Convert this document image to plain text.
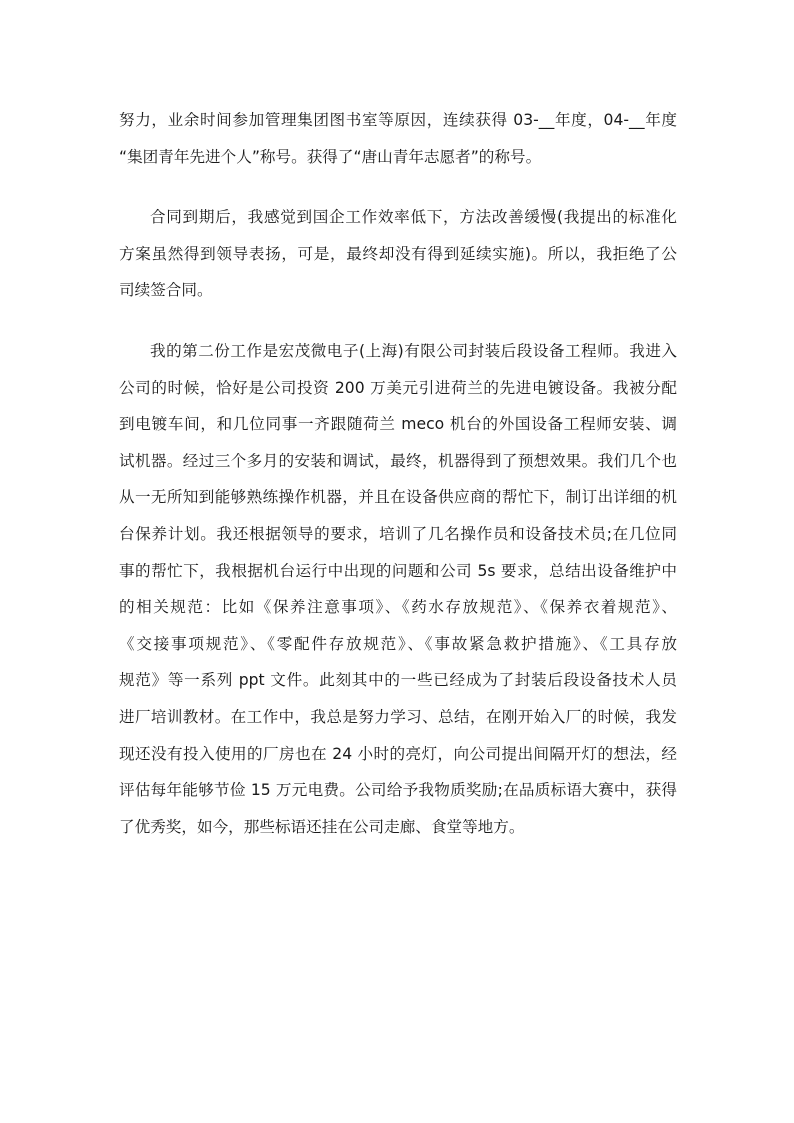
努力，业余时间参加管理集团图书室等原因，连续获得 03-__年度，04-__年度
“集团青年先进个人”称号。获得了“唐山青年志愿者”的称号。
合同到期后，我感觉到国企工作效率低下，方法改善缓慢(我提出的标准化
方案虽然得到领导表扬，可是，最终却没有得到延续实施)。所以，我拒绝了公
司续签合同。
我的第二份工作是宏茂微电子(上海)有限公司封装后段设备工程师。我进入
公司的时候，恰好是公司投资 200 万美元引进荷兰的先进电镀设备。我被分配
到电镀车间，和几位同事一齐跟随荷兰 meco 机台的外国设备工程师安装、调
试机器。经过三个多月的安装和调试，最终，机器得到了预想效果。我们几个也
从一无所知到能够熟练操作机器，并且在设备供应商的帮忙下，制订出详细的机
台保养计划。我还根据领导的要求，培训了几名操作员和设备技术员;在几位同
事的帮忙下，我根据机台运行中出现的问题和公司 5s 要求，总结出设备维护中
的相关规范：比如《保养注意事项》、《药水存放规范》、《保养衣着规范》、
《交接事项规范》、《零配件存放规范》、《事故紧急救护措施》、《工具存放
规范》等一系列 ppt 文件。此刻其中的一些已经成为了封装后段设备技术人员
进厂培训教材。在工作中，我总是努力学习、总结，在刚开始入厂的时候，我发
现还没有投入使用的厂房也在 24 小时的亮灯，向公司提出间隔开灯的想法，经
评估每年能够节俭 15 万元电费。公司给予我物质奖励;在品质标语大赛中，获得
了优秀奖，如今，那些标语还挂在公司走廊、食堂等地方。
